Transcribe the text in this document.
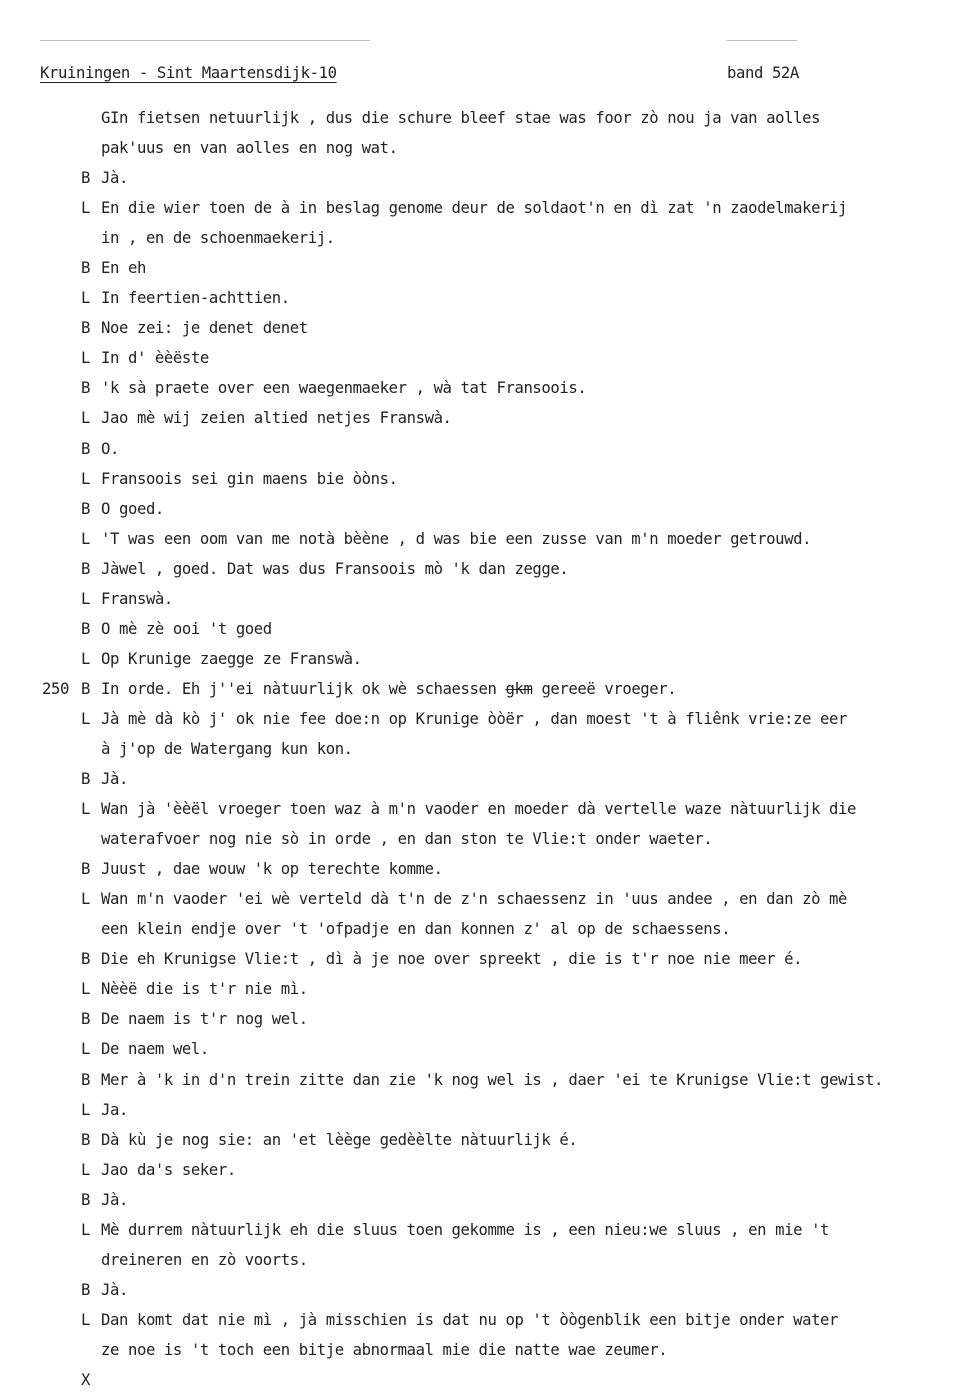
Kruiningen - Sint Maartensdijk-10	band 52A
GIn fietsen netuurlijk , dus die schure bleef stae was foor zò nou ja van aolles
pak'uus en van aolles en nog wat.
B Jà.
L En die wier toen de à in beslag genome deur de soldaot'n en dì zat 'n zaodelmakerij
in , en de schoenmaekerij.
B En eh
L In feertien-achttien.
B Noe zei: je denet denet
L In d' èèëste
B 'k sà praete over een waegenmaeker , wà tat Fransoois.
L Jao mè wij zeien altied netjes Franswà.
B O.
L Fransoois sei gin maens bie òòns.
B O goed.
L 'T was een oom van me notà bèène , d was bie een zusse van m'n moeder getrouwd.
B Jàwel , goed. Dat was dus Fransoois mò 'k dan zegge.
L Franswà.
B O mè zè ooi 't goed
L Op Krunige zaegge ze Franswà.
250 B In orde. Eh j''ei nàtuurlijk ok wè schaessen gkm gereeë vroeger.
L Jà mè dà kò j' ok nie fee doe:n op Krunige òòër , dan moest 't à fliênk vrie:ze eer
à j'op de Watergang kun kon.
B Jà.
L Wan jà 'èèël vroeger toen waz à m'n vaoder en moeder dà vertelle waze nàtuurlijk die
waterafvoer nog nie sò in orde , en dan ston te Vlie:t onder waeter.
B Juust , dae wouw 'k op terechte komme.
L Wan m'n vaoder 'ei wè verteld dà t'n de z'n schaessenz in 'uus andee , en dan zò mè
een klein endje over 't 'ofpadje en dan konnen z' al op de schaessens.
B Die eh Krunigse Vlie:t , dì à je noe over spreekt , die is t'r noe nie meer é.
L Nèèë die is t'r nie mì.
B De naem is t'r nog wel.
L De naem wel.
B Mer à 'k in d'n trein zitte dan zie 'k nog wel is , daer 'ei te Krunigse Vlie:t gewist.
L Ja.
B Dà kù je nog sie: an 'et lèège gedèèlte nàtuurlijk é.
L Jao da's seker.
B Jà.
L Mè durrem nàtuurlijk eh die sluus toen gekomme is , een nieu:we sluus , en mie 't
dreineren en zò voorts.
B Jà.
L Dan komt dat nie mì , jà misschien is dat nu op 't òògenblik een bitje onder water
ze noe is 't toch een bitje abnormaal mie die natte wae zeumer.
X
